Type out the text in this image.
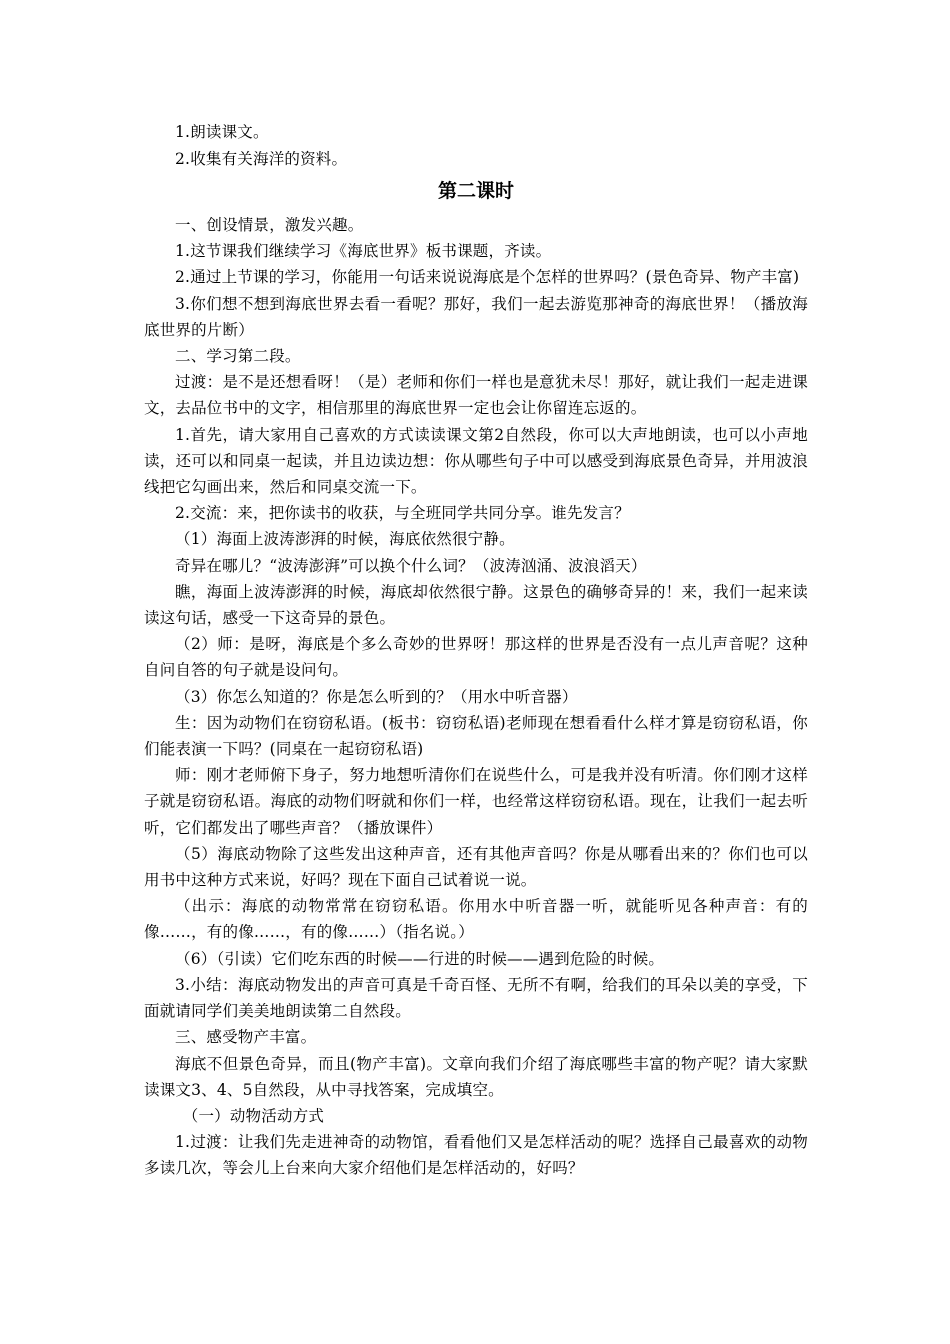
1.朗读课文。

2.收集有关海洋的资料。

第二课时

一、创设情景，激发兴趣。

1.这节课我们继续学习《海底世界》板书课题，齐读。

2.通过上节课的学习，你能用一句话来说说海底是个怎样的世界吗？(景色奇异、物产丰富)

3.你们想不想到海底世界去看一看呢？那好，我们一起去游览那神奇的海底世界！（播放海底世界的片断）

二、学习第二段。

过渡：是不是还想看呀！（是）老师和你们一样也是意犹未尽！那好，就让我们一起走进课文，去品位书中的文字，相信那里的海底世界一定也会让你留连忘返的。

1.首先，请大家用自己喜欢的方式读读课文第2自然段，你可以大声地朗读，也可以小声地读，还可以和同桌一起读，并且边读边想：你从哪些句子中可以感受到海底景色奇异，并用波浪线把它勾画出来，然后和同桌交流一下。

2.交流：来，把你读书的收获，与全班同学共同分享。谁先发言？

（1）海面上波涛澎湃的时候，海底依然很宁静。

奇异在哪儿？“波涛澎湃”可以换个什么词？（波涛汹涌、波浪滔天）

瞧，海面上波涛澎湃的时候，海底却依然很宁静。这景色的确够奇异的！来，我们一起来读读这句话，感受一下这奇异的景色。

（2）师：是呀，海底是个多么奇妙的世界呀！那这样的世界是否没有一点儿声音呢？这种自问自答的句子就是设问句。

（3）你怎么知道的？你是怎么听到的？（用水中听音器）

生：因为动物们在窃窃私语。(板书：窃窃私语)老师现在想看看什么样才算是窃窃私语，你们能表演一下吗？(同桌在一起窃窃私语)

师：刚才老师俯下身子，努力地想听清你们在说些什么，可是我并没有听清。你们刚才这样子就是窃窃私语。海底的动物们呀就和你们一样，也经常这样窃窃私语。现在，让我们一起去听听，它们都发出了哪些声音？（播放课件）

（5）海底动物除了这些发出这种声音，还有其他声音吗？你是从哪看出来的？你们也可以用书中这种方式来说，好吗？现在下面自己试着说一说。

（出示：海底的动物常常在窃窃私语。你用水中听音器一听，就能听见各种声音：有的像……，有的像……，有的像……）（指名说。）

（6）（引读）它们吃东西的时候——行进的时候——遇到危险的时候。

3.小结：海底动物发出的声音可真是千奇百怪、无所不有啊，给我们的耳朵以美的享受，下面就请同学们美美地朗读第二自然段。

三、感受物产丰富。

海底不但景色奇异，而且(物产丰富)。文章向我们介绍了海底哪些丰富的物产呢？请大家默读课文3、4、5自然段，从中寻找答案，完成填空。

（一）动物活动方式

1.过渡：让我们先走进神奇的动物馆，看看他们又是怎样活动的呢？选择自己最喜欢的动物多读几次，等会儿上台来向大家介绍他们是怎样活动的，好吗？
